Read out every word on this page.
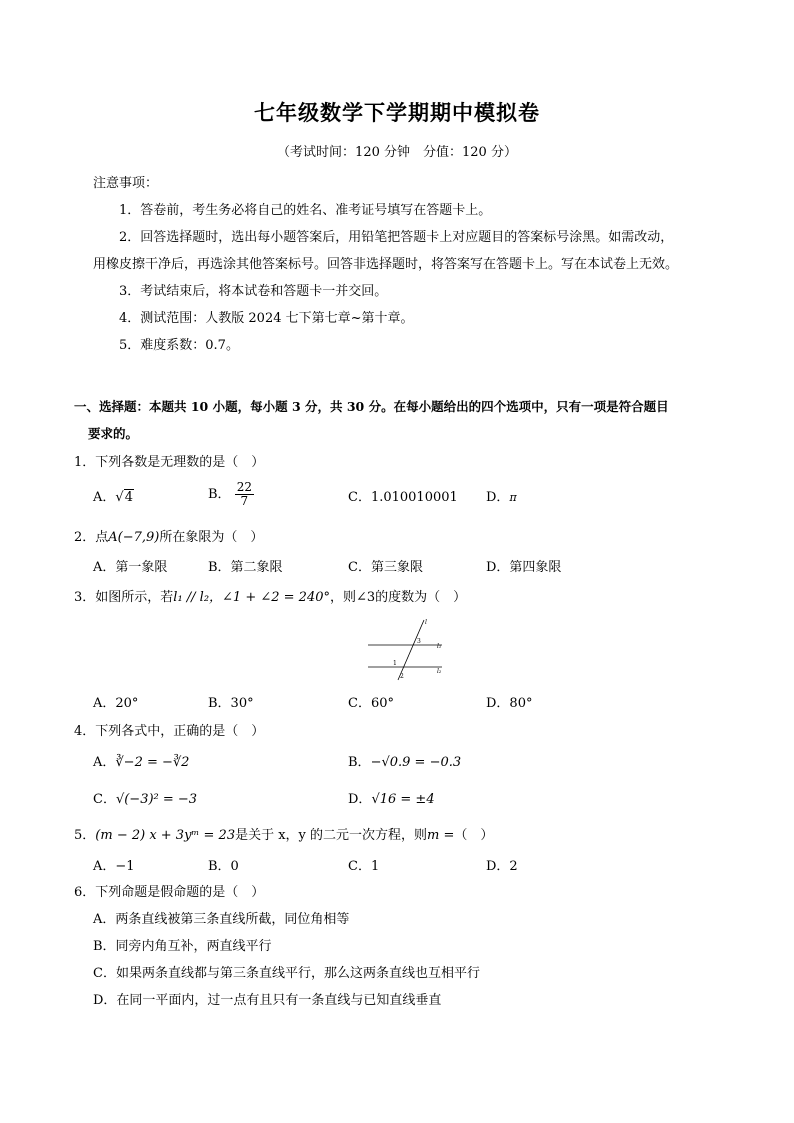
七年级数学下学期期中模拟卷
（考试时间：120 分钟　分值：120 分）
注意事项：
1．答卷前，考生务必将自己的姓名、准考证号填写在答题卡上。
2．回答选择题时，选出每小题答案后，用铅笔把答题卡上对应题目的答案标号涂黑。如需改动，
用橡皮擦干净后，再选涂其他答案标号。回答非选择题时，将答案写在答题卡上。写在本试卷上无效。
3．考试结束后，将本试卷和答题卡一并交回。
4．测试范围：人教版 2024 七下第七章~第十章。
5．难度系数：0.7。
一、选择题：本题共 10 小题，每小题 3 分，共 30 分。在每小题给出的四个选项中，只有一项是符合题目
要求的。
1．下列各数是无理数的是（　）
A．√4	B． $\frac{22}{7}$	C．1.010010001 D．π
2．点A(−7,9)所在象限为（　）
A．第一象限	B．第二象限	C．第三象限	D．第四象限
3．如图所示，若l₁ // l₂，∠1 + ∠2 = 240°，则∠3的度数为（　）
l
l₁
l₂
3
1
2
A．20°	B．30°	C．60°	D．80°
4．下列各式中，正确的是（　）
A．∛−2 = −∛2	B．−√0.9 = −0.3
C．√(−3)² = −3	D．√16 = ±4
5．(m − 2) x + 3yᵐ = 23是关于 x，y 的二元一次方程，则m =（　）
A．−1	B．0	C．1	D．2
6．下列命题是假命题的是（　）
A．两条直线被第三条直线所截，同位角相等
B．同旁内角互补，两直线平行
C．如果两条直线都与第三条直线平行，那么这两条直线也互相平行
D．在同一平面内，过一点有且只有一条直线与已知直线垂直
